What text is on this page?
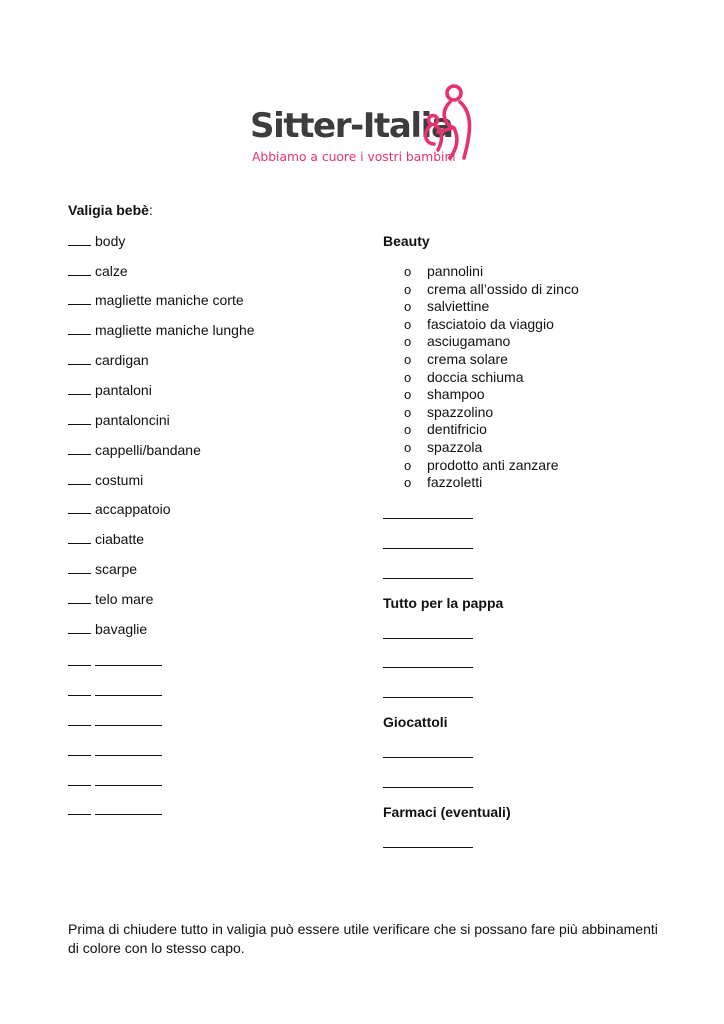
Sitter-Italia
Abbiamo a cuore i vostri bambini
Valigia bebè:
body
calze
magliette maniche corte
magliette maniche lunghe
cardigan
pantaloni
pantaloncini
cappelli/bandane
costumi
accappatoio
ciabatte
scarpe
telo mare
bavaglie
Beauty
o pannolini
o crema all’ossido di zinco
o salviettine
o fasciatoio da viaggio
o asciugamano
o crema solare
o doccia schiuma
o shampoo
o spazzolino
o dentifricio
o spazzola
o prodotto anti zanzare
o fazzoletti
Tutto per la pappa
Giocattoli
Farmaci (eventuali)
Prima di chiudere tutto in valigia può essere utile verificare che si possano fare più abbinamenti di colore con lo stesso capo.
